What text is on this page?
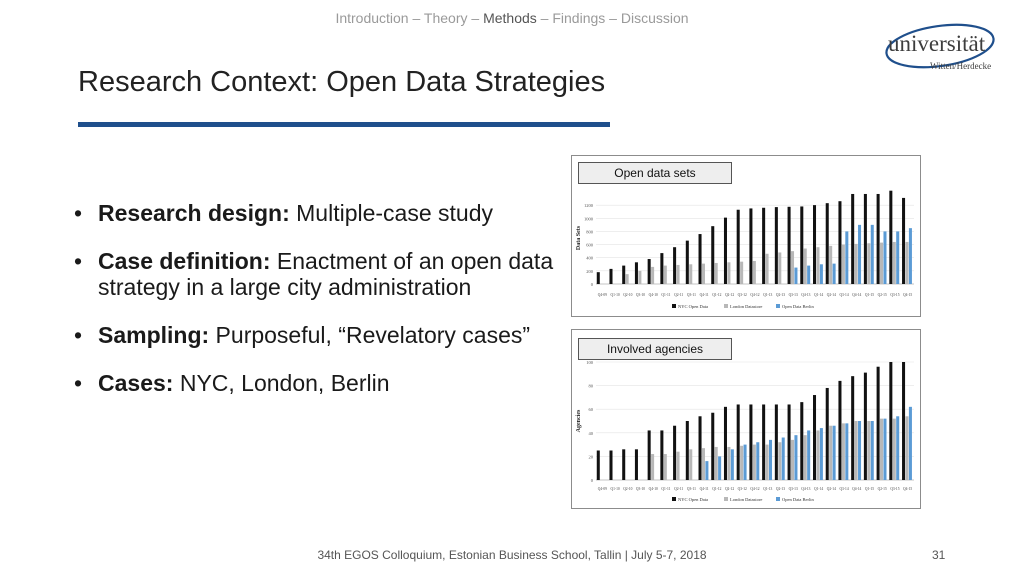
Introduction – Theory – Methods – Findings – Discussion
universität
Witten/Herdecke
Research Context: Open Data Strategies
• Research design: Multiple-case study
• Case definition: Enactment of an open data strategy in a large city administration
• Sampling: Purposeful, “Revelatory cases”
• Cases: NYC, London, Berlin
0
200
400
600
800
1000
1200
Data Sets
Q4-09 Q1-10 Q2-10 Q3-10 Q4-10 Q1-11 Q2-11 Q3-11 Q4-11 Q1-12 Q2-12 Q3-12 Q4-12 Q1-13 Q2-13 Q3-13 Q4-13 Q1-14 Q2-14 Q3-14 Q4-14 Q1-15 Q2-15 Q3-15 Q4-15
NYC Open Data	London Datastore	Open Data Berlin
Open data sets
0
20
40
60
80
100
Agencies
Q4-09 Q1-10 Q2-10 Q3-10 Q4-10 Q1-11 Q2-11 Q3-11 Q4-11 Q1-12 Q2-12 Q3-12 Q4-12 Q1-13 Q2-13 Q3-13 Q4-13 Q1-14 Q2-14 Q3-14 Q4-14 Q1-15 Q2-15 Q3-15 Q4-15
NYC Open Data	London Datastore	Open Data Berlin
Involved agencies
34th EGOS Colloquium, Estonian Business School, Tallin | July 5-7, 2018	31
